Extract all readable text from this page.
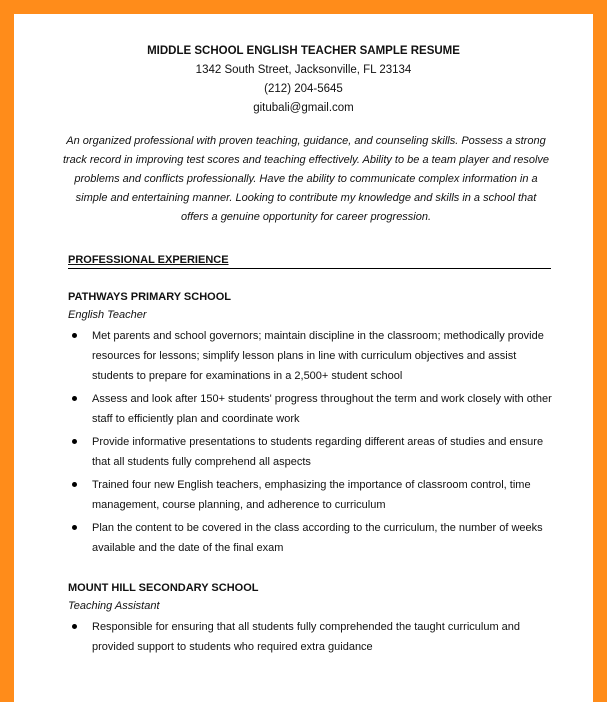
MIDDLE SCHOOL ENGLISH TEACHER SAMPLE RESUME
1342 South Street, Jacksonville, FL 23134
(212) 204-5645
gitubali@gmail.com
An organized professional with proven teaching, guidance, and counseling skills. Possess a strong track record in improving test scores and teaching effectively. Ability to be a team player and resolve problems and conflicts professionally. Have the ability to communicate complex information in a simple and entertaining manner. Looking to contribute my knowledge and skills in a school that offers a genuine opportunity for career progression.
PROFESSIONAL EXPERIENCE
PATHWAYS PRIMARY SCHOOL
English Teacher
Met parents and school governors; maintain discipline in the classroom; methodically provide resources for lessons; simplify lesson plans in line with curriculum objectives and assist students to prepare for examinations in a 2,500+ student school
Assess and look after 150+ students' progress throughout the term and work closely with other staff to efficiently plan and coordinate work
Provide informative presentations to students regarding different areas of studies and ensure that all students fully comprehend all aspects
Trained four new English teachers, emphasizing the importance of classroom control, time management, course planning, and adherence to curriculum
Plan the content to be covered in the class according to the curriculum, the number of weeks available and the date of the final exam
MOUNT HILL SECONDARY SCHOOL
Teaching Assistant
Responsible for ensuring that all students fully comprehended the taught curriculum and provided support to students who required extra guidance
